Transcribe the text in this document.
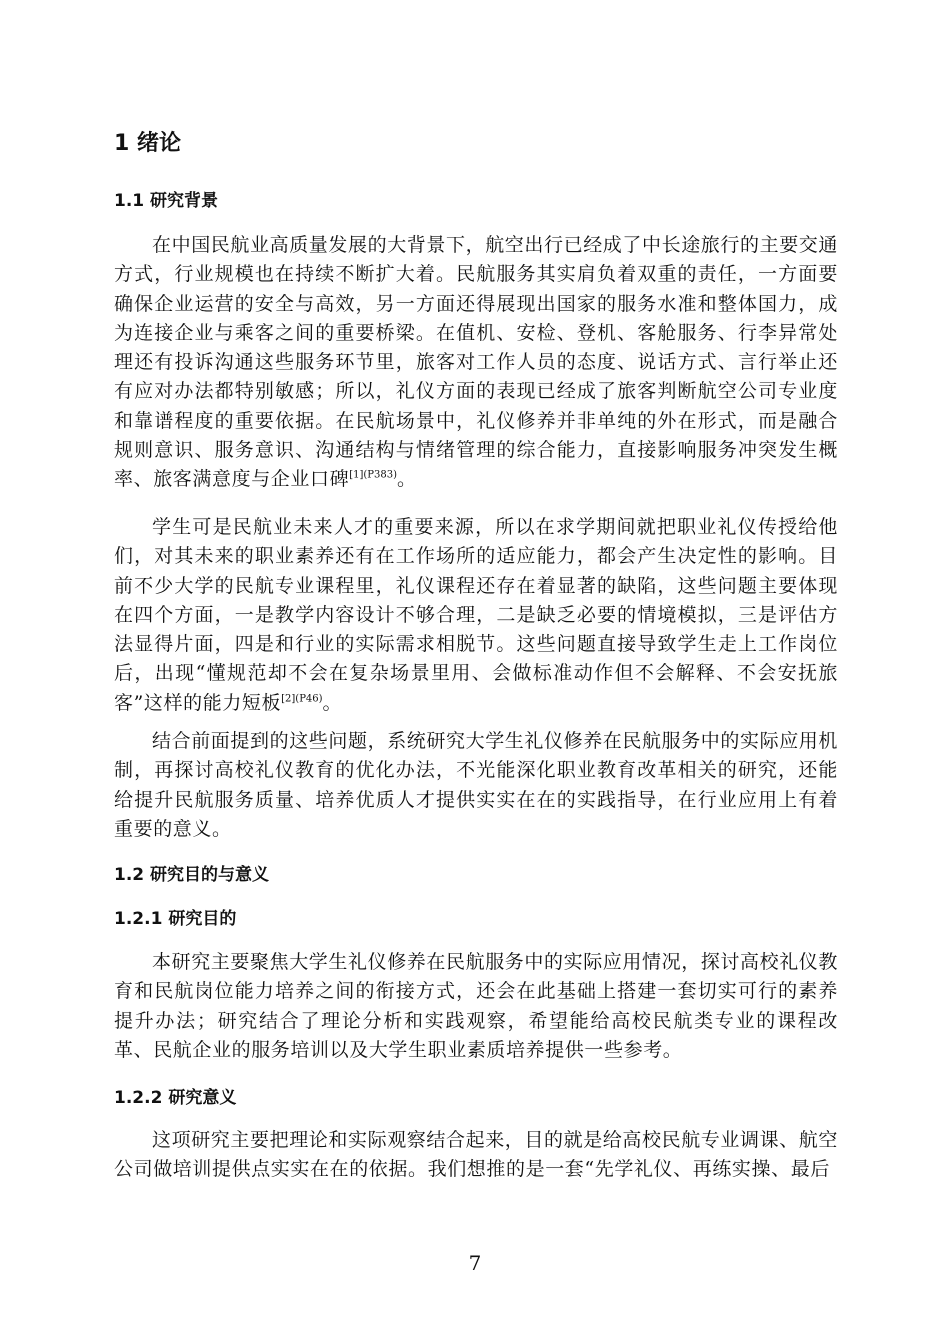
1 绪论
1.1 研究背景

在中国民航业高质量发展的大背景下，航空出行已经成了中长途旅行的主要交通方式，行业规模也在持续不断扩大着。民航服务其实肩负着双重的责任，一方面要确保企业运营的安全与高效，另一方面还得展现出国家的服务水准和整体国力，成为连接企业与乘客之间的重要桥梁。在值机、安检、登机、客舱服务、行李异常处理还有投诉沟通这些服务环节里，旅客对工作人员的态度、说话方式、言行举止还有应对办法都特别敏感；所以，礼仪方面的表现已经成了旅客判断航空公司专业度和靠谱程度的重要依据。在民航场景中，礼仪修养并非单纯的外在形式，而是融合规则意识、服务意识、沟通结构与情绪管理的综合能力，直接影响服务冲突发生概率、旅客满意度与企业口碑$^{[1](P383)}$。

学生可是民航业未来人才的重要来源，所以在求学期间就把职业礼仪传授给他们，对其未来的职业素养还有在工作场所的适应能力，都会产生决定性的影响。目前不少大学的民航专业课程里，礼仪课程还存在着显著的缺陷，这些问题主要体现在四个方面，一是教学内容设计不够合理，二是缺乏必要的情境模拟，三是评估方法显得片面，四是和行业的实际需求相脱节。这些问题直接导致学生走上工作岗位后，出现“懂规范却不会在复杂场景里用、会做标准动作但不会解释、不会安抚旅客”这样的能力短板$^{[2](P46)}$。

结合前面提到的这些问题，系统研究大学生礼仪修养在民航服务中的实际应用机制，再探讨高校礼仪教育的优化办法，不光能深化职业教育改革相关的研究，还能给提升民航服务质量、培养优质人才提供实实在在的实践指导，在行业应用上有着重要的意义。

1.2 研究目的与意义
1.2.1 研究目的

本研究主要聚焦大学生礼仪修养在民航服务中的实际应用情况，探讨高校礼仪教育和民航岗位能力培养之间的衔接方式，还会在此基础上搭建一套切实可行的素养提升办法；研究结合了理论分析和实践观察，希望能给高校民航类专业的课程改革、民航企业的服务培训以及大学生职业素质培养提供一些参考。

1.2.2 研究意义

这项研究主要把理论和实际观察结合起来，目的就是给高校民航专业调课、航空公司做培训提供点实实在在的依据。我们想推的是一套“先学礼仪、再练实操、最后

7
